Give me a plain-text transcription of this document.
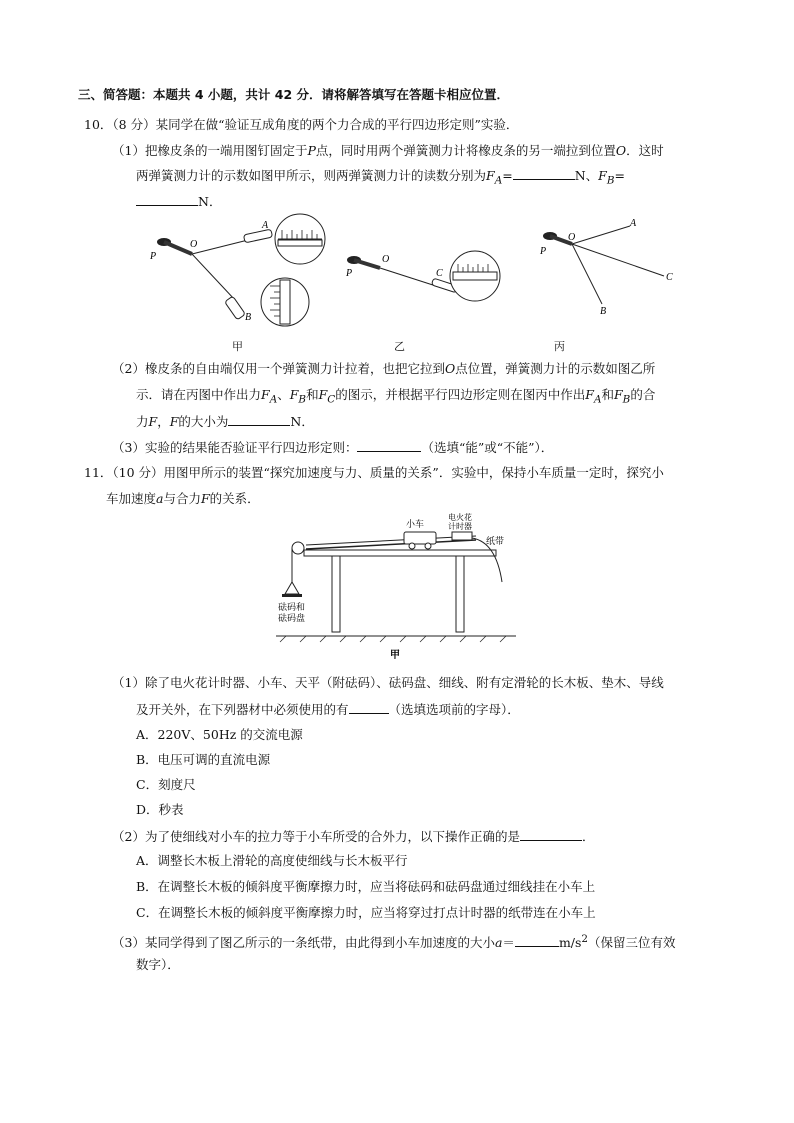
三、简答题：本题共 4 小题，共计 42 分．请将解答填写在答题卡相应位置．
10．（8 分）某同学在做“验证互成角度的两个力合成的平行四边形定则”实验．
（1）把橡皮条的一端用图钉固定于P点，同时用两个弹簧测力计将橡皮条的另一端拉到位置O．这时
两弹簧测力计的示数如图甲所示，则两弹簧测力计的读数分别为$F_A=$	N、$F_B=$
N．
P
O
A
B
P
O
C
P
O
A
C
B
甲	乙	丙
（2）橡皮条的自由端仅用一个弹簧测力计拉着，也把它拉到O点位置，弹簧测力计的示数如图乙所
示．请在丙图中作出力$F_A$、$F_B$和$F_C$的图示，并根据平行四边形定则在图丙中作出$F_A$和$F_B$的合
力F，F的大小为	N．
（3）实验的结果能否验证平行四边形定则：	（选填“能”或“不能”）．
11．（10 分）用图甲所示的装置“探究加速度与力、质量的关系”．实验中，保持小车质量一定时，探究小
车加速度a与合力F的关系．
小车
电火花
计时器
纸带
砝码和
砝码盘
甲
（1）除了电火花计时器、小车、天平（附砝码）、砝码盘、细线、附有定滑轮的长木板、垫木、导线
及开关外，在下列器材中必须使用的有	（选填选项前的字母）．
A．220V、50Hz 的交流电源
B．电压可调的直流电源
C．刻度尺
D．秒表
（2）为了使细线对小车的拉力等于小车所受的合外力，以下操作正确的是	．
A．调整长木板上滑轮的高度使细线与长木板平行
B．在调整长木板的倾斜度平衡摩擦力时，应当将砝码和砝码盘通过细线挂在小车上
C．在调整长木板的倾斜度平衡摩擦力时，应当将穿过打点计时器的纸带连在小车上
（3）某同学得到了图乙所示的一条纸带，由此得到小车加速度的大小a＝	$m/s^2$（保留三位有效
数字）．
